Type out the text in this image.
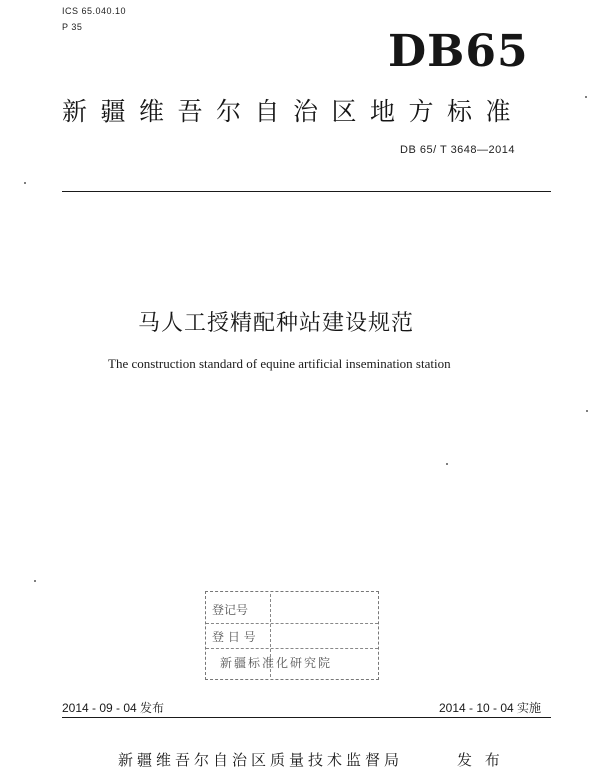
ICS 65.040.10
P 35	DB65
新疆维吾尔自治区地方标准
DB 65/ T 3648—2014
马人工授精配种站建设规范
The construction standard of equine artificial insemination station
登记号
登 日 号
新疆标准化研究院
2014 - 09 - 04 发布	2014 - 10 - 04 实施
新疆维吾尔自治区质量技术监督局	发 布
